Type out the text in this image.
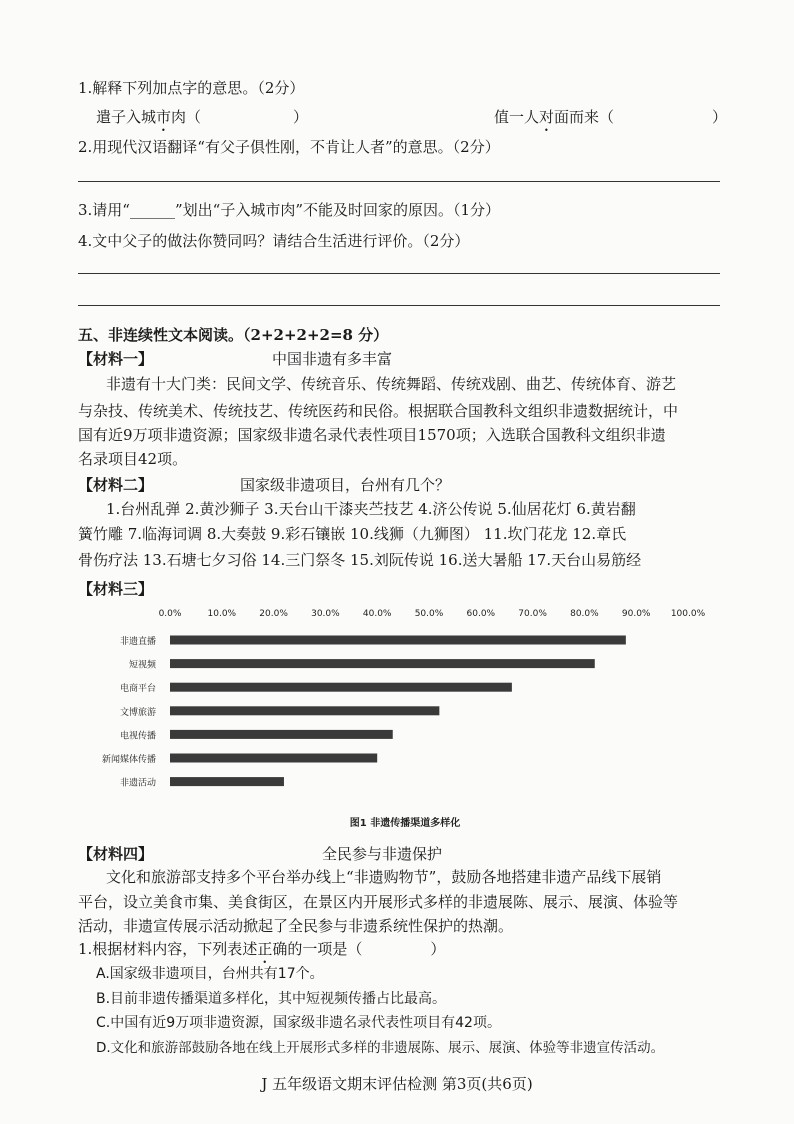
1.解释下列加点字的意思。（2分）
遣子入城市肉（	）	值一人对面而来（	）
2.用现代汉语翻译“有父子俱性刚，不肯让人者”的意思。（2分）
3.请用“______”划出“子入城市肉”不能及时回家的原因。（1分）
4.文中父子的做法你赞同吗？请结合生活进行评价。（2分）
五、非连续性文本阅读。（2+2+2+2=8 分）
【材料一】	中国非遗有多丰富
非遗有十大门类：民间文学、传统音乐、传统舞蹈、传统戏剧、曲艺、传统体育、游艺
与杂技、传统美术、传统技艺、传统医药和民俗。根据联合国教科文组织非遗数据统计，中
国有近9万项非遗资源；国家级非遗名录代表性项目1570项；入选联合国教科文组织非遗
名录项目42项。
【材料二】	国家级非遗项目，台州有几个？
1.台州乱弹 2.黄沙狮子 3.天台山干漆夹苎技艺 4.济公传说 5.仙居花灯 6.黄岩翻
簧竹雕 7.临海词调 8.大奏鼓 9.彩石镶嵌 10.线狮（九狮图） 11.坎门花龙 12.章氏
骨伤疗法 13.石塘七夕习俗 14.三门祭冬 15.刘阮传说 16.送大暑船 17.天台山易筋经
【材料三】
0.0%	10.0%	20.0%	30.0%	40.0%	50.0%	60.0%	70.0%	80.0%	90.0% 100.0%
非遗直播
短视频
电商平台
文博旅游
电视传播
新闻媒体传播
非遗活动
图1 非遗传播渠道多样化
【材料四】	全民参与非遗保护
文化和旅游部支持多个平台举办线上“非遗购物节”，鼓励各地搭建非遗产品线下展销
平台，设立美食市集、美食街区，在景区内开展形式多样的非遗展陈、展示、展演、体验等
活动，非遗宣传展示活动掀起了全民参与非遗系统性保护的热潮。
1.根据材料内容，下列表述正确的一项是（	）
A.国家级非遗项目，台州共有17个。
B.目前非遗传播渠道多样化，其中短视频传播占比最高。
C.中国有近9万项非遗资源，国家级非遗名录代表性项目有42项。
D.文化和旅游部鼓励各地在线上开展形式多样的非遗展陈、展示、展演、体验等非遗宣传活动。
J 五年级语文期末评估检测 第3页(共6页)
